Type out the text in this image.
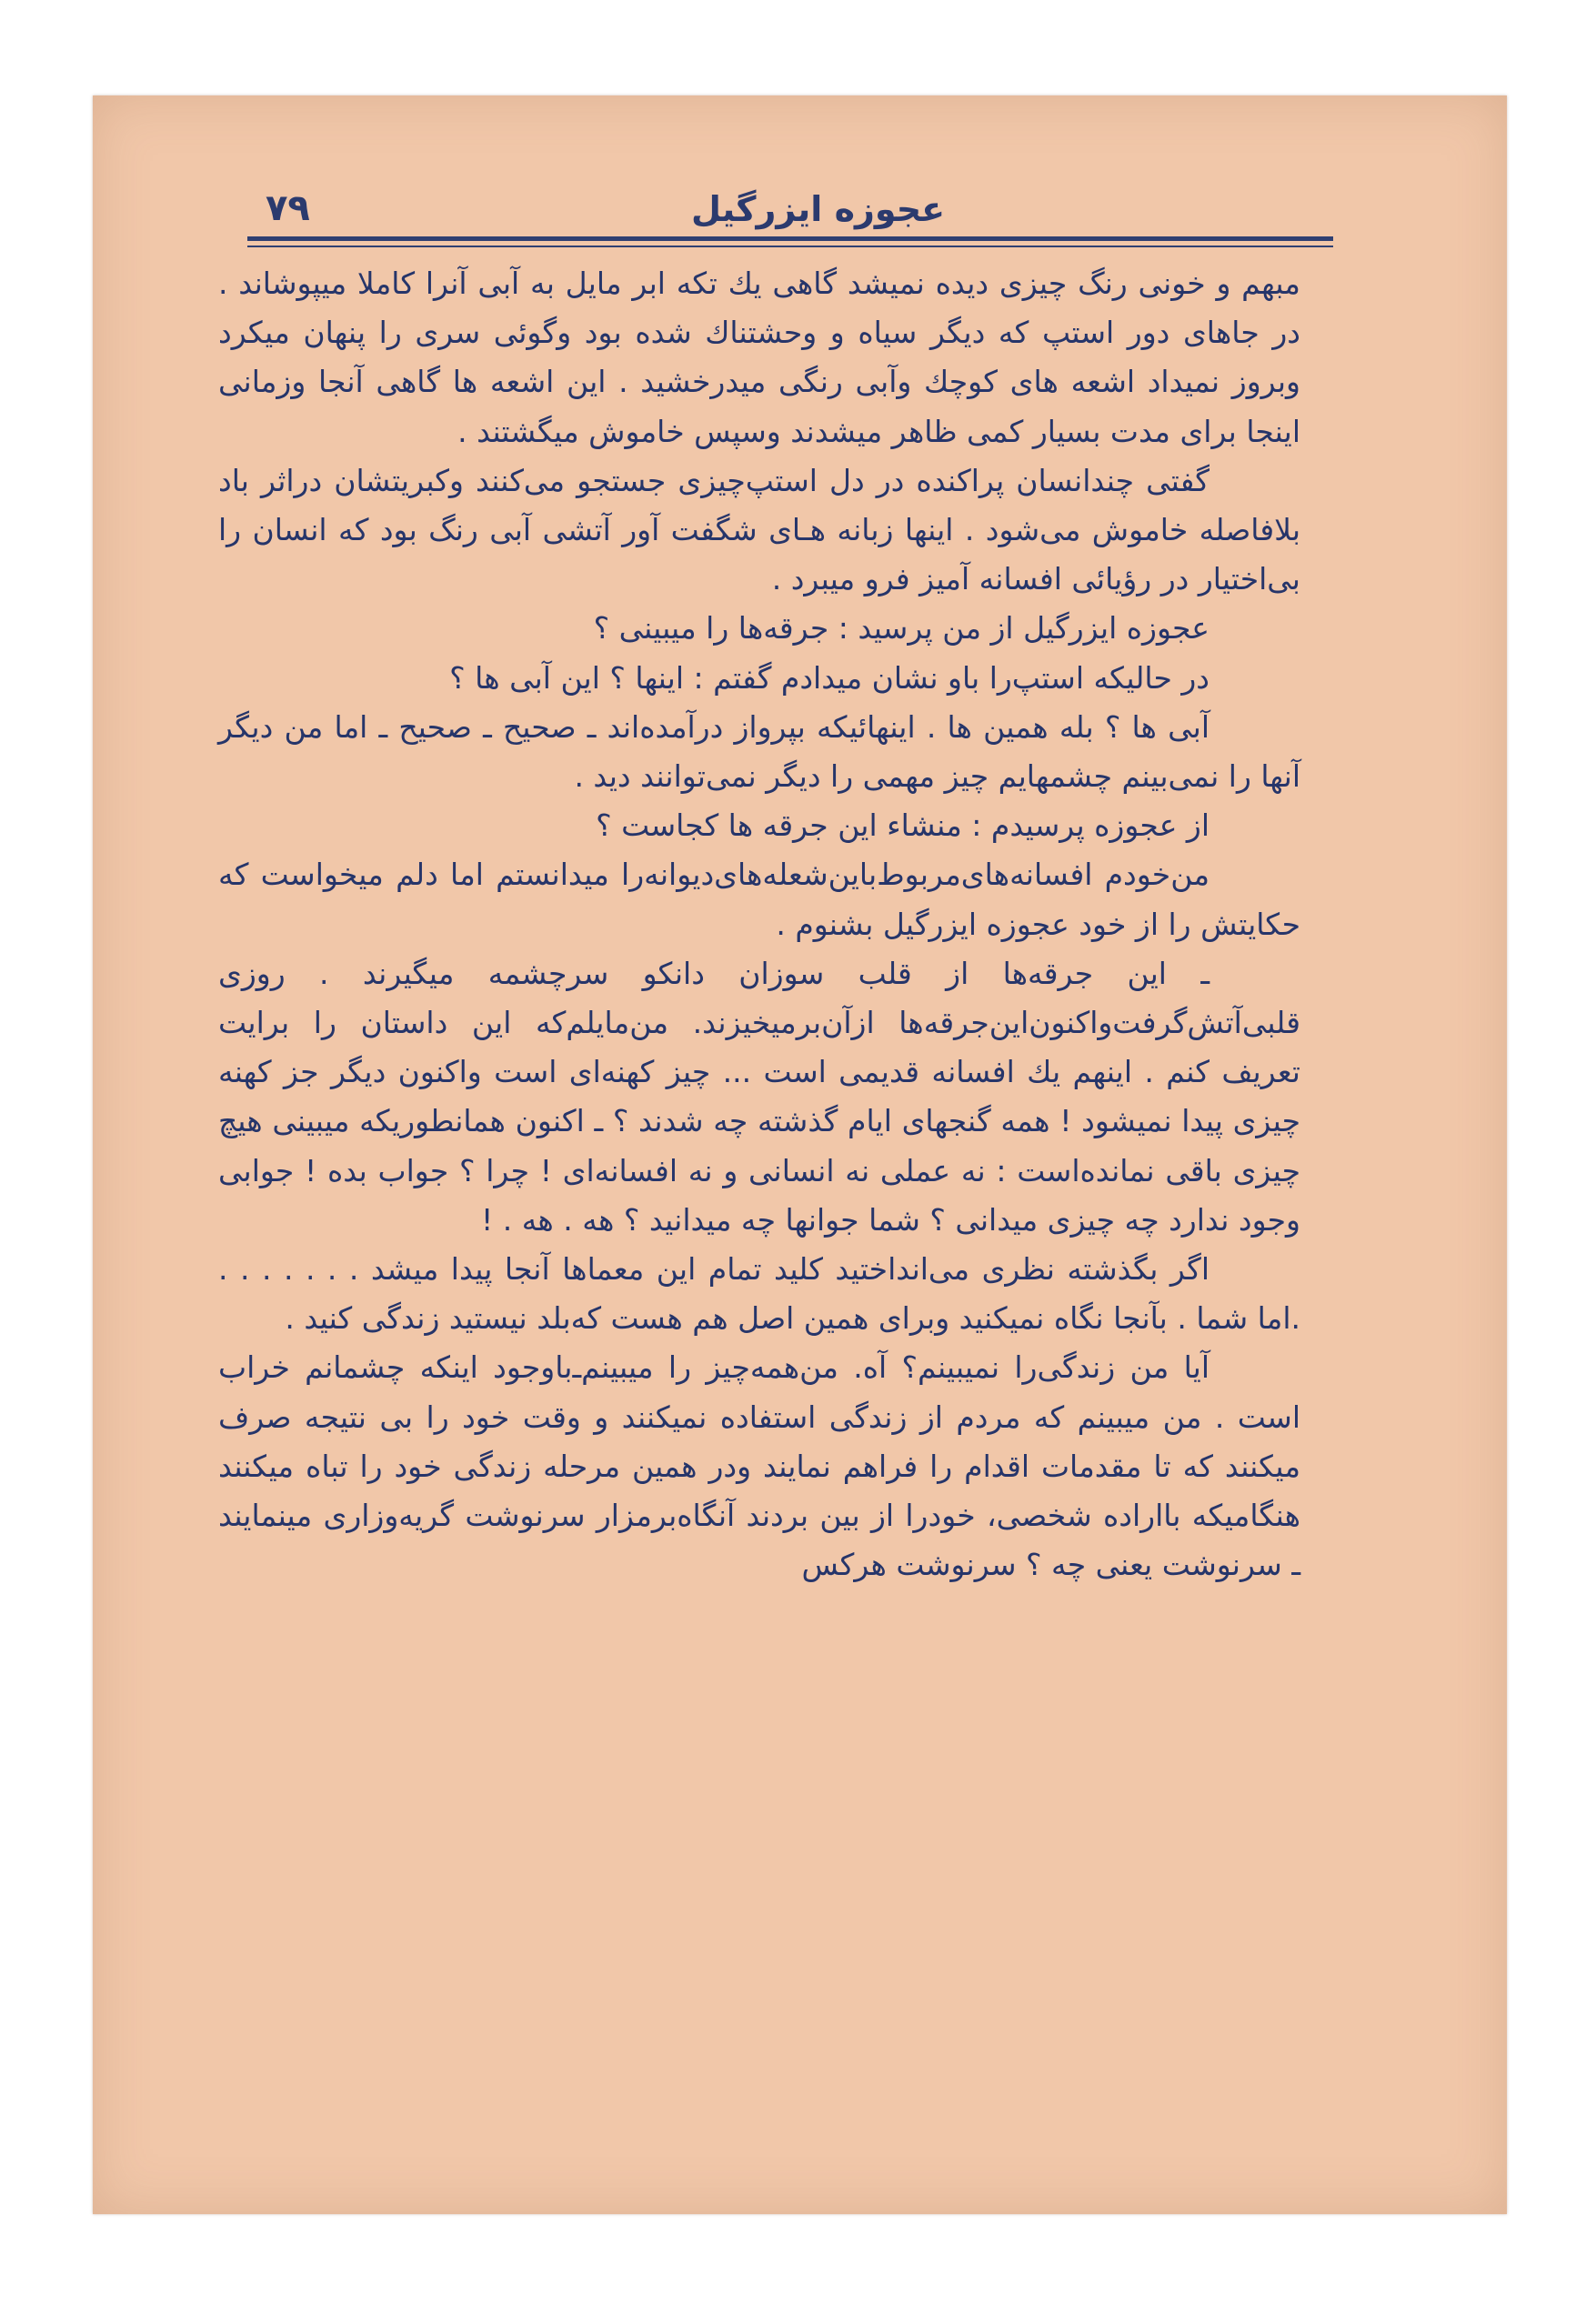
عجوزه ایزرگیل
۷۹

مبهم و خونی رنگ چیزی دیده نمیشد گاهی یك تکه ابر مایل به آبی آنرا کاملا میپوشاند . در جاهای دور استپ که دیگر سیاه و وحشتناك شده بود وگوئی سری را پنهان میکرد وبروز نمیداد اشعه های کوچك وآبی رنگی میدرخشید . این اشعه ها گاهی آنجا وزمانی اینجا برای مدت بسیار کمی ظاهر میشدند وسپس خاموش میگشتند .

گفتی چندانسان پراکنده در دل استپ‌چیزی جستجو می‌کنند وکبریتشان دراثر باد بلافاصله خاموش می‌شود . اینها زبانه هـای شگفت آور آتشی آبی رنگ بود که انسان را بی‌اختیار در رؤیائی افسانه آمیز فرو میبرد .

عجوزه ایزرگیل از من پرسید : جرقه‌ها را میبینی ؟

در حالیکه استپ‌را باو نشان میدادم گفتم : اینها ؟ این آبی ها ؟

آبی ها ؟ بله همین ها . اینهائیکه بپرواز درآمده‌اند ـ صحیح ـ صحیح ـ اما من دیگر آنها را نمی‌بینم چشمهایم چیز مهمی را دیگر نمی‌توانند دید .

از عجوزه پرسیدم : منشاء این جرقه ها کجاست ؟

من‌خودم افسانه‌های‌مربوط‌باین‌شعله‌های‌دیوانه‌را میدانستم اما دلم میخواست که حکایتش را از خود عجوزه ایزرگیل بشنوم .

ـ این جرقه‌ها از قلب سوزان دانکو سرچشمه میگیرند . روزی قلبی‌آتش‌گرفت‌واکنون‌این‌جرقه‌ها ازآن‌برمیخیزند. من‌مایلم‌که این داستان را برایت تعریف کنم . اینهم یك افسانه قدیمی است ... چیز کهنه‌ای است واکنون دیگر جز کهنه چیزی پیدا نمیشود ! همه گنجهای ایام گذشته چه شدند ؟ ـ اکنون همانطوریکه میبینی هیچ چیزی باقی نمانده‌است : نه عملی نه انسانی و نه افسانه‌ای ! چرا ؟ جواب بده ! جوابی وجود ندارد چه چیزی میدانی ؟ شما جوانها چه میدانید ؟ هه . هه . !

اگر بگذشته نظری می‌انداختید کلید تمام این معماها آنجا پیدا میشد . . . . . . . .اما شما . بآنجا نگاه نمیکنید وبرای همین اصل هم هست که‌بلد نیستید زندگی کنید .

آیا من زندگی‌را نمیبینم؟ آه. من‌همه‌چیز را میبینم‌ـ‌باوجود اینکه چشمانم خراب است . من میبینم که مردم از زندگی استفاده نمیکنند و وقت خود را بی نتیجه صرف میکنند که تا مقدمات اقدام را فراهم نمایند ودر همین مرحله زندگی خود را تباه میکنند هنگامیکه بااراده شخصی، خودرا از بین بردند آنگاه‌برمزار سرنوشت گریه‌وزاری مینمایند ـ سرنوشت یعنی چه ؟ سرنوشت هرکس
